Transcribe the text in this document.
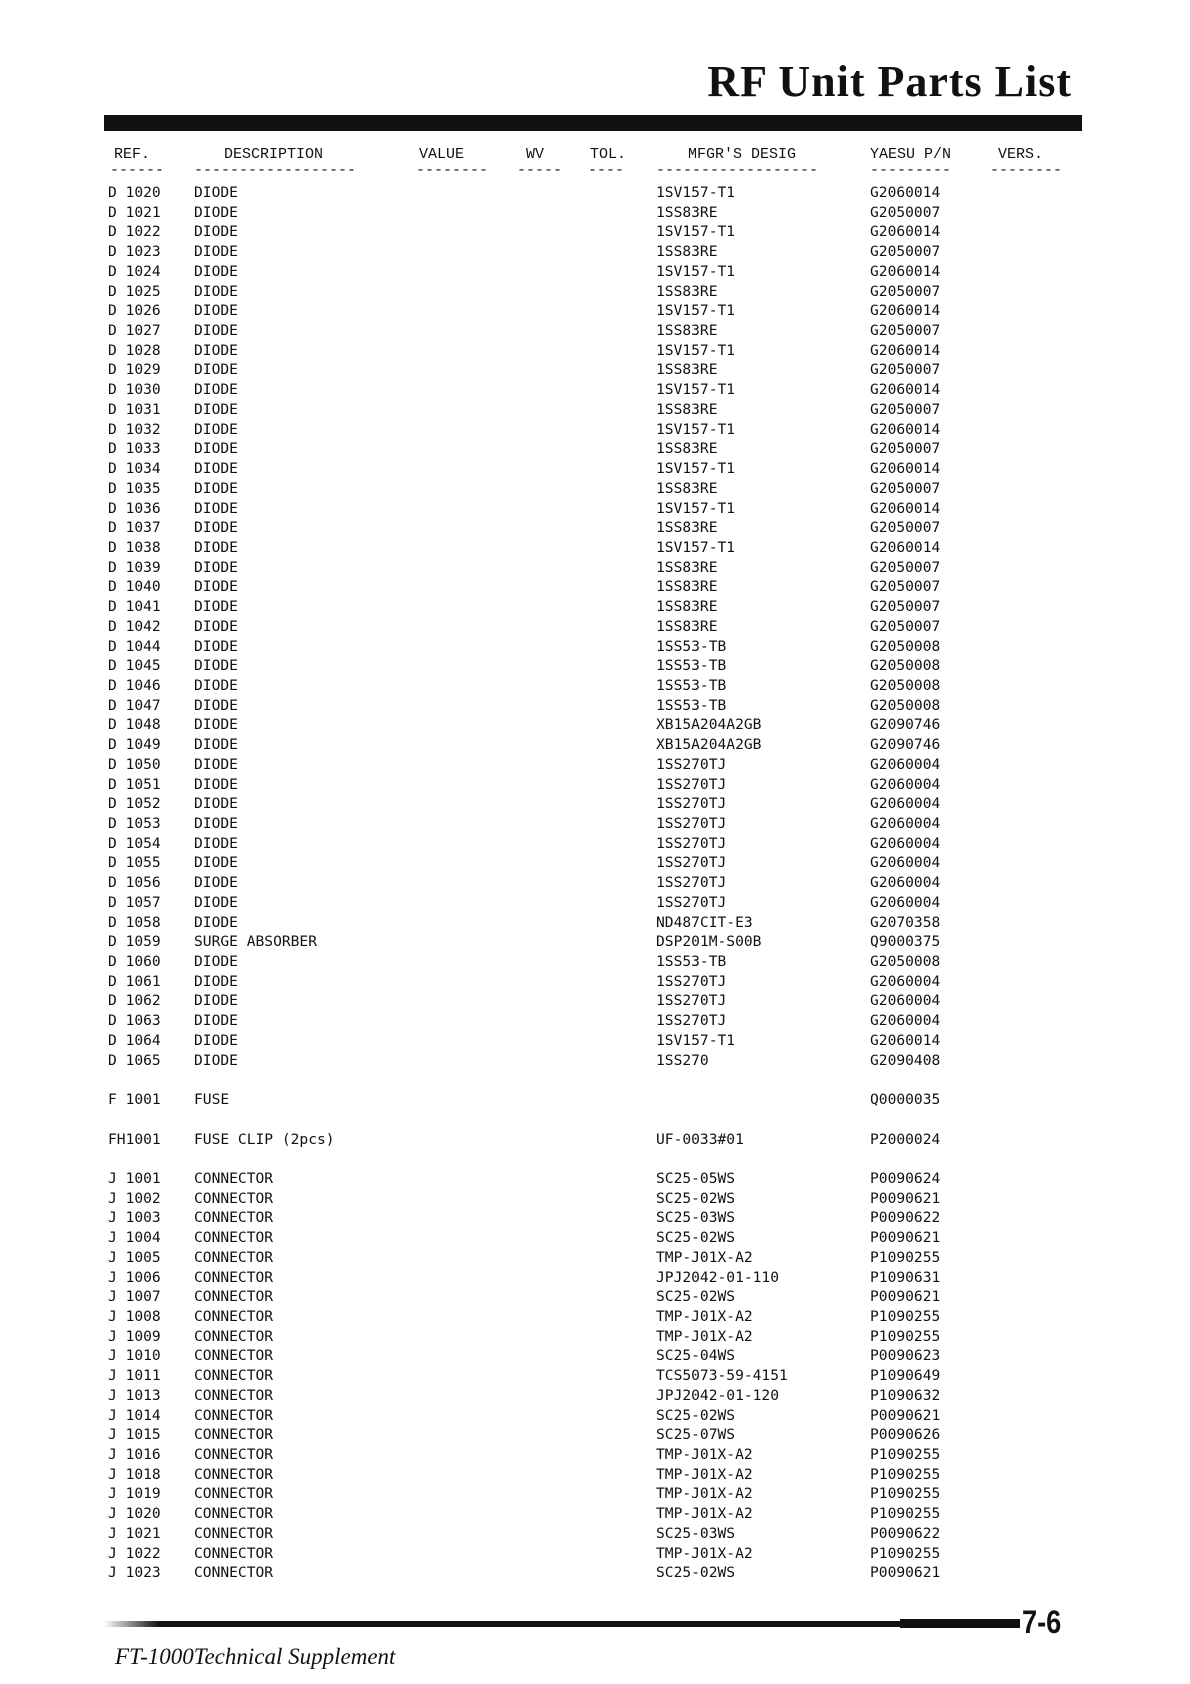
RF Unit Parts List
REF.	DESCRIPTION	VALUE	WV	TOL.	MFGR'S DESIG	YAESU P/N	VERS.
------ ------------------	-------- ----- ---- ------------------	---------	--------
D 1020 DIODE	1SV157-T1	G2060014
D 1021 DIODE	1SS83RE	G2050007
D 1022 DIODE	1SV157-T1	G2060014
D 1023 DIODE	1SS83RE	G2050007
D 1024 DIODE	1SV157-T1	G2060014
D 1025 DIODE	1SS83RE	G2050007
D 1026 DIODE	1SV157-T1	G2060014
D 1027 DIODE	1SS83RE	G2050007
D 1028 DIODE	1SV157-T1	G2060014
D 1029 DIODE	1SS83RE	G2050007
D 1030 DIODE	1SV157-T1	G2060014
D 1031 DIODE	1SS83RE	G2050007
D 1032 DIODE	1SV157-T1	G2060014
D 1033 DIODE	1SS83RE	G2050007
D 1034 DIODE	1SV157-T1	G2060014
D 1035 DIODE	1SS83RE	G2050007
D 1036 DIODE	1SV157-T1	G2060014
D 1037 DIODE	1SS83RE	G2050007
D 1038 DIODE	1SV157-T1	G2060014
D 1039 DIODE	1SS83RE	G2050007
D 1040 DIODE	1SS83RE	G2050007
D 1041 DIODE	1SS83RE	G2050007
D 1042 DIODE	1SS83RE	G2050007
D 1044 DIODE	1SS53-TB	G2050008
D 1045 DIODE	1SS53-TB	G2050008
D 1046 DIODE	1SS53-TB	G2050008
D 1047 DIODE	1SS53-TB	G2050008
D 1048 DIODE	XB15A204A2GB	G2090746
D 1049 DIODE	XB15A204A2GB	G2090746
D 1050 DIODE	1SS270TJ	G2060004
D 1051 DIODE	1SS270TJ	G2060004
D 1052 DIODE	1SS270TJ	G2060004
D 1053 DIODE	1SS270TJ	G2060004
D 1054 DIODE	1SS270TJ	G2060004
D 1055 DIODE	1SS270TJ	G2060004
D 1056 DIODE	1SS270TJ	G2060004
D 1057 DIODE	1SS270TJ	G2060004
D 1058 DIODE	ND487CIT-E3	G2070358
D 1059 SURGE ABSORBER	DSP201M-S00B	Q9000375
D 1060 DIODE	1SS53-TB	G2050008
D 1061 DIODE	1SS270TJ	G2060004
D 1062 DIODE	1SS270TJ	G2060004
D 1063 DIODE	1SS270TJ	G2060004
D 1064 DIODE	1SV157-T1	G2060014
D 1065 DIODE	1SS270	G2090408
F 1001 FUSE	Q0000035
FH1001 FUSE CLIP (2pcs)	UF-0033#01	P2000024
J 1001 CONNECTOR	SC25-05WS	P0090624
J 1002 CONNECTOR	SC25-02WS	P0090621
J 1003 CONNECTOR	SC25-03WS	P0090622
J 1004 CONNECTOR	SC25-02WS	P0090621
J 1005 CONNECTOR	TMP-J01X-A2	P1090255
J 1006 CONNECTOR	JPJ2042-01-110	P1090631
J 1007 CONNECTOR	SC25-02WS	P0090621
J 1008 CONNECTOR	TMP-J01X-A2	P1090255
J 1009 CONNECTOR	TMP-J01X-A2	P1090255
J 1010 CONNECTOR	SC25-04WS	P0090623
J 1011 CONNECTOR	TCS5073-59-4151	P1090649
J 1013 CONNECTOR	JPJ2042-01-120	P1090632
J 1014 CONNECTOR	SC25-02WS	P0090621
J 1015 CONNECTOR	SC25-07WS	P0090626
J 1016 CONNECTOR	TMP-J01X-A2	P1090255
J 1018 CONNECTOR	TMP-J01X-A2	P1090255
J 1019 CONNECTOR	TMP-J01X-A2	P1090255
J 1020 CONNECTOR	TMP-J01X-A2	P1090255
J 1021 CONNECTOR	SC25-03WS	P0090622
J 1022 CONNECTOR	TMP-J01X-A2	P1090255
J 1023 CONNECTOR	SC25-02WS	P0090621
7-6
FT-1000Technical Supplement
